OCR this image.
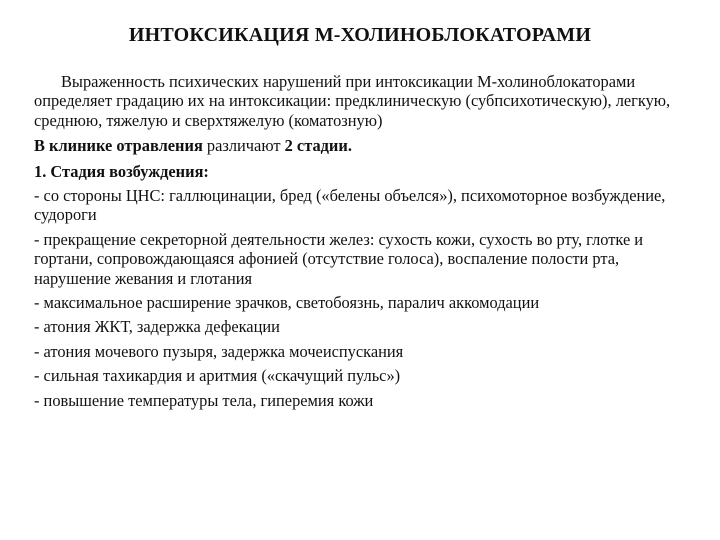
ИНТОКСИКАЦИЯ М-ХОЛИНОБЛОКАТОРАМИ

Выраженность психических нарушений при интоксикации М-холиноблокаторами определяет градацию их на интоксикации: предклиническую (субпсихотическую), легкую, среднюю, тяжелую и сверхтяжелую (коматозную)

В клинике отравления различают 2 стадии.

1. Стадия возбуждения:

- со стороны ЦНС: галлюцинации, бред («белены объелся»), психомоторное возбуждение, судороги

- прекращение секреторной деятельности желез: сухость кожи, сухость во рту, глотке и гортани, сопровождающаяся афонией (отсутствие голоса), воспаление полости рта, нарушение жевания и глотания

- максимальное расширение зрачков, светобоязнь, паралич аккомодации

- атония ЖКТ, задержка дефекации

- атония мочевого пузыря, задержка мочеиспускания

- сильная тахикардия и аритмия («скачущий пульс»)

- повышение температуры тела, гиперемия кожи
